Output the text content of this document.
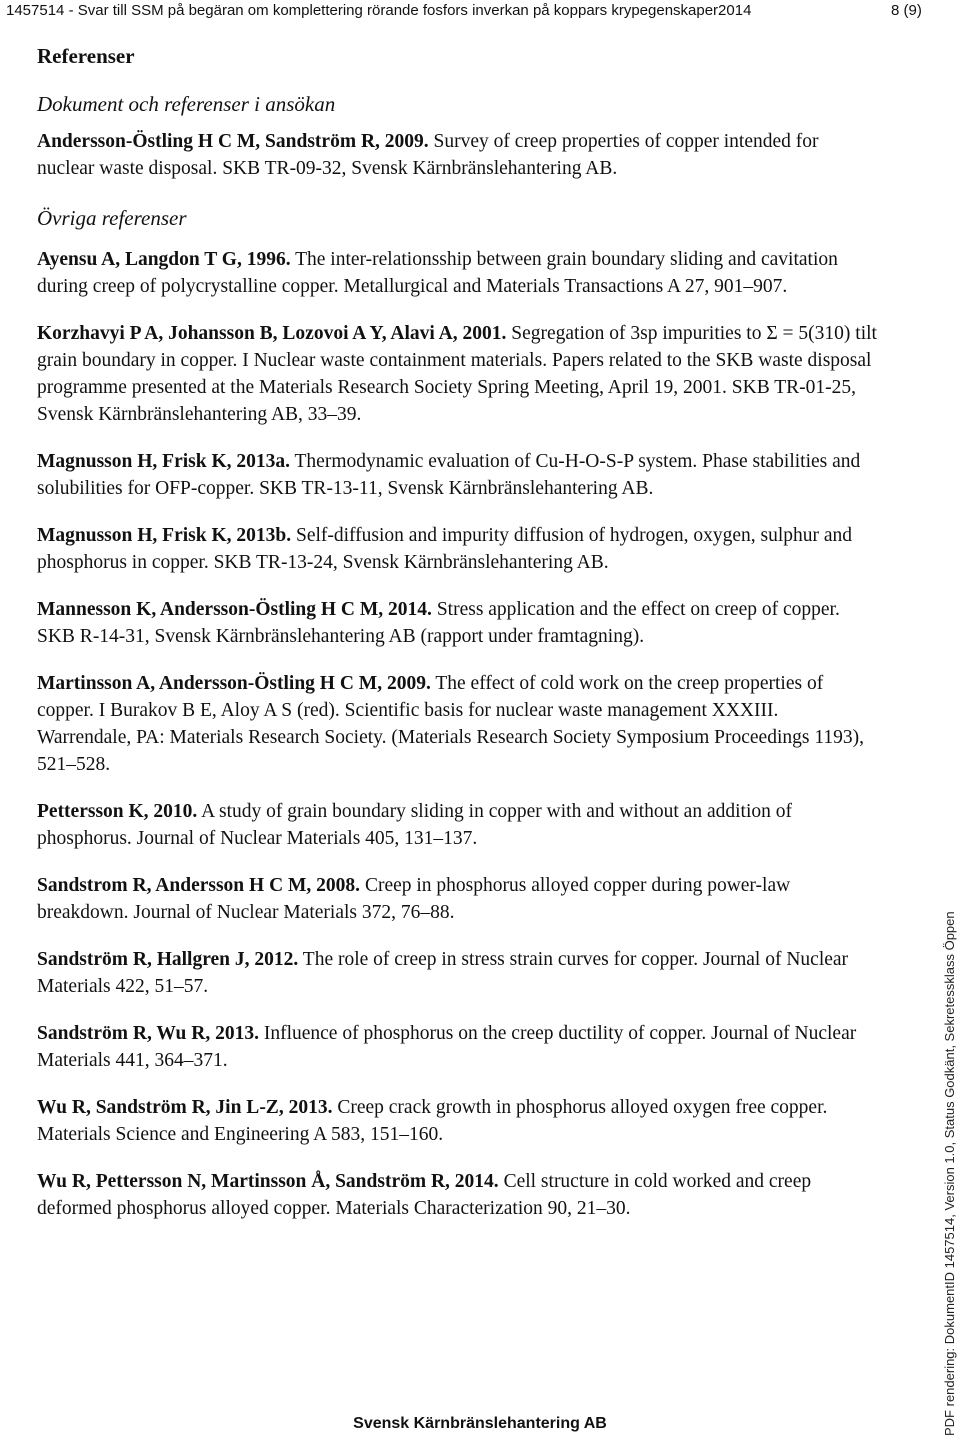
1457514 - Svar till SSM på begäran om komplettering rörande fosfors inverkan på koppars krypegenskaper2014	8 (9)
Referenser
Dokument och referenser i ansökan

Andersson-Östling H C M, Sandström R, 2009. Survey of creep properties of copper intended for nuclear waste disposal. SKB TR-09-32, Svensk Kärnbränslehantering AB.

Övriga referenser

Ayensu A, Langdon T G, 1996. The inter-relationsship between grain boundary sliding and cavitation during creep of polycrystalline copper. Metallurgical and Materials Transactions A 27, 901‒907.

Korzhavyi P A, Johansson B, Lozovoi A Y, Alavi A, 2001. Segregation of 3sp impurities to Σ = 5(310) tilt grain boundary in copper. I Nuclear waste containment materials. Papers related to the SKB waste disposal programme presented at the Materials Research Society Spring Meeting, April 19, 2001. SKB TR-01-25, Svensk Kärnbränslehantering AB, 33‒39.

Magnusson H, Frisk K, 2013a. Thermodynamic evaluation of Cu-H-O-S-P system. Phase stabilities and solubilities for OFP-copper. SKB TR-13-11, Svensk Kärnbränslehantering AB.

Magnusson H, Frisk K, 2013b. Self-diffusion and impurity diffusion of hydrogen, oxygen, sulphur and phosphorus in copper. SKB TR-13-24, Svensk Kärnbränslehantering AB.

Mannesson K, Andersson-Östling H C M, 2014. Stress application and the effect on creep of copper. SKB R-14-31, Svensk Kärnbränslehantering AB (rapport under framtagning).

Martinsson A, Andersson-Östling H C M, 2009. The effect of cold work on the creep properties of copper. I Burakov B E, Aloy A S (red). Scientific basis for nuclear waste management XXXIII. Warrendale, PA: Materials Research Society. (Materials Research Society Symposium Proceedings 1193), 521‒528.

Pettersson K, 2010. A study of grain boundary sliding in copper with and without an addition of phosphorus. Journal of Nuclear Materials 405, 131‒137.

Sandstrom R, Andersson H C M, 2008. Creep in phosphorus alloyed copper during power-law breakdown. Journal of Nuclear Materials 372, 76‒88.

Sandström R, Hallgren J, 2012. The role of creep in stress strain curves for copper. Journal of Nuclear Materials 422, 51‒57.

Sandström R, Wu R, 2013. Influence of phosphorus on the creep ductility of copper. Journal of Nuclear Materials 441, 364‒371.

Wu R, Sandström R, Jin L-Z, 2013. Creep crack growth in phosphorus alloyed oxygen free copper. Materials Science and Engineering A 583, 151‒160.

Wu R, Pettersson N, Martinsson Å, Sandström R, 2014. Cell structure in cold worked and creep deformed phosphorus alloyed copper. Materials Characterization 90, 21‒30.

Svensk Kärnbränslehantering AB	PDF rendering: DokumentID 1457514, Version 1.0, Status Godkänt, Sekretessklass Öppen
